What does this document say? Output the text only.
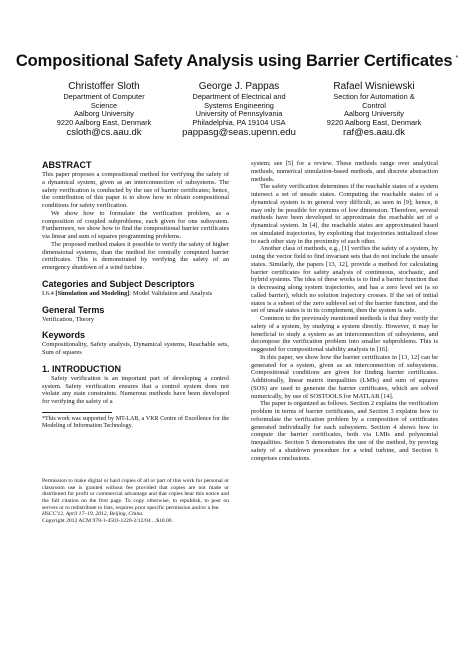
Compositional Safety Analysis using Barrier Certificates *
Christoffer Sloth
Department of Computer
Science
Aalborg University
9220 Aalborg East, Denmark
csloth@cs.aau.dk
George J. Pappas
Department of Electrical and
Systems Engineering
University of Pennsylvania
Philadelphia, PA 19104 USA
pappasg@seas.upenn.edu
Rafael Wisniewski
Section for Automation &
Control
Aalborg University
9220 Aalborg East, Denmark
raf@es.aau.dk
ABSTRACT

This paper proposes a compositional method for verifying the safety of a dynamical system, given as an interconnection of subsystems. The safety verification is conducted by the use of barrier certificates; hence, the contribution of this paper is to show how to obtain compositional conditions for safety verification.

We show how to formulate the verification problem, as a composition of coupled subproblems, each given for one subsystem. Furthermore, we show how to find the compositional barrier certificates via linear and sum of squares programming problems.

The proposed method makes it possible to verify the safety of higher dimensional systems, than the method for centrally computed barrier certificates. This is demonstrated by verifying the safety of an emergency shutdown of a wind turbine.

Categories and Subject Descriptors

I.6.4 [Simulation and Modeling]: Model Validation and Analysis

General Terms

Verification, Theory

Keywords

Compositionality, Safety analysis, Dynamical systems, Reachable sets, Sum of squares

1. INTRODUCTION

Safety verification is an important part of developing a control system. Safety verification ensures that a control system does not violate any state constraints. Numerous methods have been developed for verifying the safety of a

*This work was supported by MT-LAB, a VKR Centre of Excellence for the Modeling of Information Technology.

Permission to make digital or hard copies of all or part of this work for personal or classroom use is granted without fee provided that copies are not made or distributed for profit or commercial advantage and that copies bear this notice and the full citation on the first page. To copy otherwise, to republish, to post on servers or to redistribute to lists, requires prior specific permission and/or a fee.

HSCC'12, April 17–19, 2012, Beijing, China.

Copyright 2012 ACM 978-1-4503-1220-2/12/04 ...$10.00.

system; see [5] for a review. These methods range over analytical methods, numerical simulation-based methods, and discrete abstraction methods.

The safety verification determines if the reachable states of a system intersect a set of unsafe states. Computing the reachable states of a dynamical system is in general very difficult, as seen in [9]; hence, it may only be possible for systems of low dimension. Therefore, several methods have been developed to approximate the reachable set of a dynamical system. In [4], the reachable states are approximated based on simulated trajectories, by exploiting that trajectories initialized close to each other stay in the proximity of each other.

Another class of methods, e.g., [1] verifies the safety of a system, by using the vector field to find invariant sets that do not include the unsafe states. Similarly, the papers [13, 12], provide a method for calculating barrier certificates for safety analysis of continuous, stochastic, and hybrid systems. The idea of these works is to find a barrier function that is decreasing along system trajectories, and has a zero level set (a so called barrier), which no solution trajectory crosses. If the set of initial states is a subset of the zero sublevel set of the barrier function, and the set of unsafe states is in its complement, then the system is safe.

Common to the previously mentioned methods is that they verify the safety of a system, by studying a system directly. However, it may be beneficial to study a system as an interconnection of subsystems, and decompose the verification problem into smaller subproblems. This is suggested for compositional stability analysis in [16].

In this paper, we show how the barrier certificates in [13, 12] can be generated for a system, given as an interconnection of subsystems. Compositional conditions are given for finding barrier certificates. Additionally, linear matrix inequalities (LMIs) and sum of squares (SOS) are used to generate the barrier certificates, which are solved numerically, by use of SOSTOOLS for MATLAB [14].

The paper is organized as follows. Section 2 explains the verification problem in terms of barrier certificates, and Section 3 explains how to reformulate the verification problem by a composition of certificates generated individually for each subsystem. Section 4 shows how to compute the barrier certificates, both via LMIs and polynomial inequalities. Section 5 demonstrates the use of the method, by proving safety of a shutdown procedure for a wind turbine, and Section 6 comprises conclusions.
